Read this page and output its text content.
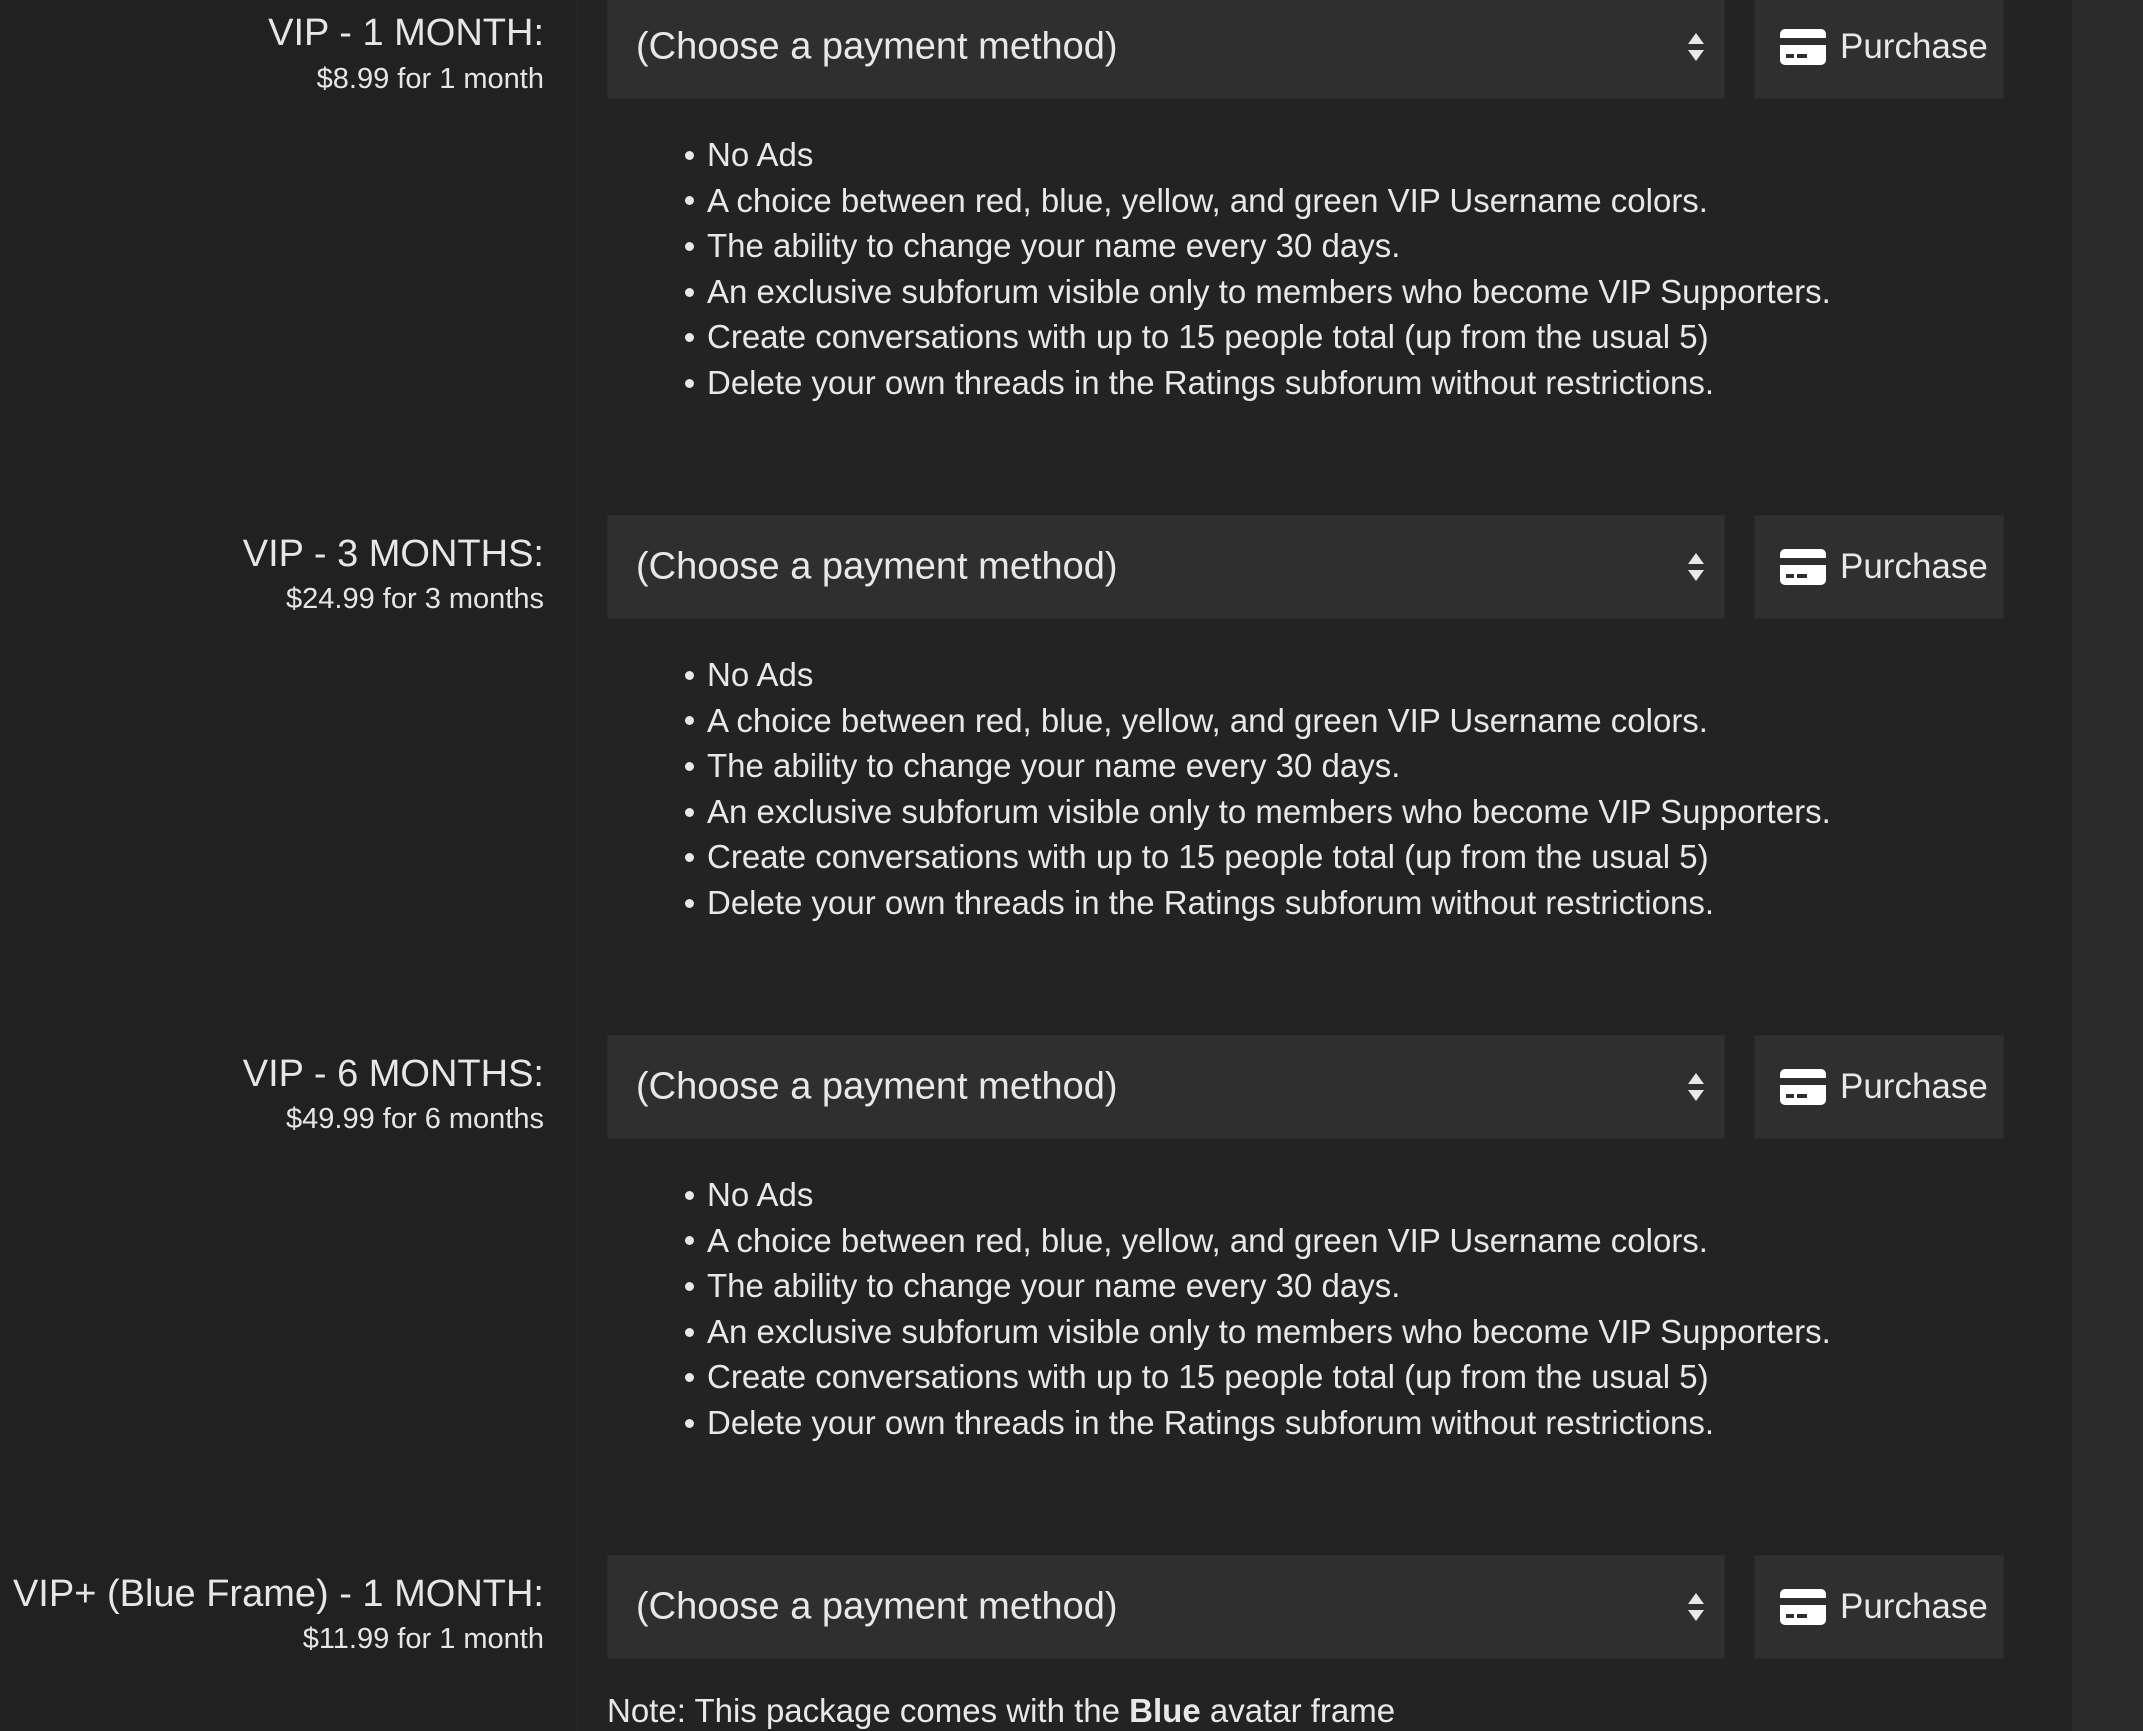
VIP - 1 MONTH:
$8.99 for 1 month
(Choose a payment method)	Purchase
No Ads
A choice between red, blue, yellow, and green VIP Username colors.
The ability to change your name every 30 days.
An exclusive subforum visible only to members who become VIP Supporters.
Create conversations with up to 15 people total (up from the usual 5)
Delete your own threads in the Ratings subforum without restrictions.
VIP - 3 MONTHS:
$24.99 for 3 months
(Choose a payment method)	Purchase
No Ads
A choice between red, blue, yellow, and green VIP Username colors.
The ability to change your name every 30 days.
An exclusive subforum visible only to members who become VIP Supporters.
Create conversations with up to 15 people total (up from the usual 5)
Delete your own threads in the Ratings subforum without restrictions.
VIP - 6 MONTHS:
$49.99 for 6 months
(Choose a payment method)	Purchase
No Ads
A choice between red, blue, yellow, and green VIP Username colors.
The ability to change your name every 30 days.
An exclusive subforum visible only to members who become VIP Supporters.
Create conversations with up to 15 people total (up from the usual 5)
Delete your own threads in the Ratings subforum without restrictions.
VIP+ (Blue Frame) - 1 MONTH:
$11.99 for 1 month
(Choose a payment method)	Purchase
Note: This package comes with the Blue avatar frame
